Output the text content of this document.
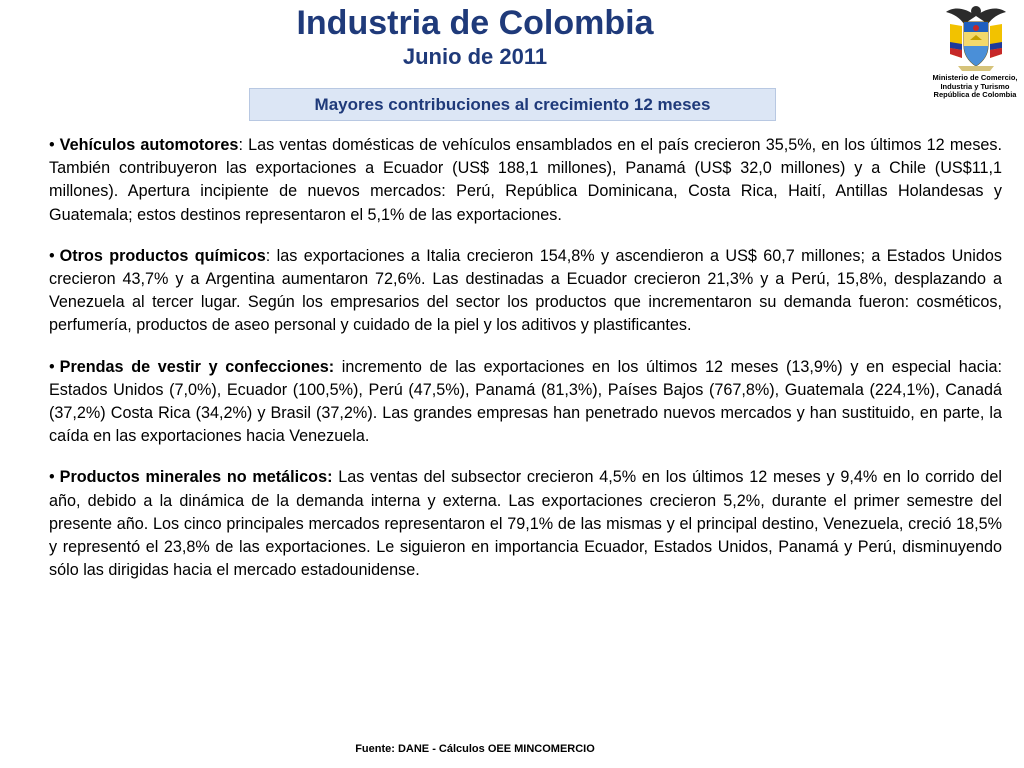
Industria de Colombia
Junio de 2011
Ministerio de Comercio,
Industria y Turismo
República de Colombia
Mayores contribuciones al crecimiento 12 meses

• Vehículos automotores: Las ventas domésticas de vehículos ensamblados en el país crecieron 35,5%, en los últimos 12 meses. También contribuyeron las exportaciones a Ecuador (US$ 188,1 millones), Panamá (US$ 32,0 millones) y a Chile (US$11,1 millones). Apertura incipiente de nuevos mercados: Perú, República Dominicana, Costa Rica, Haití, Antillas Holandesas y Guatemala; estos destinos representaron el 5,1% de las exportaciones.

• Otros productos químicos: las exportaciones a Italia crecieron 154,8% y ascendieron a US$ 60,7 millones; a Estados Unidos crecieron 43,7% y a Argentina aumentaron 72,6%. Las destinadas a Ecuador crecieron 21,3% y a Perú, 15,8%, desplazando a Venezuela al tercer lugar. Según los empresarios del sector los productos que incrementaron su demanda fueron: cosméticos, perfumería, productos de aseo personal y cuidado de la piel y los aditivos y plastificantes.

• Prendas de vestir y confecciones: incremento de las exportaciones en los últimos 12 meses (13,9%) y en especial hacia: Estados Unidos (7,0%), Ecuador (100,5%), Perú (47,5%), Panamá (81,3%), Países Bajos (767,8%), Guatemala (224,1%), Canadá (37,2%) Costa Rica (34,2%) y Brasil (37,2%). Las grandes empresas han penetrado nuevos mercados y han sustituido, en parte, la caída en las exportaciones hacia Venezuela.

• Productos minerales no metálicos: Las ventas del subsector crecieron 4,5% en los últimos 12 meses y 9,4% en lo corrido del año, debido a la dinámica de la demanda interna y externa. Las exportaciones crecieron 5,2%, durante el primer semestre del presente año. Los cinco principales mercados representaron el 79,1% de las mismas y el principal destino, Venezuela, creció 18,5% y representó el 23,8% de las exportaciones. Le siguieron en importancia Ecuador, Estados Unidos, Panamá y Perú, disminuyendo sólo las dirigidas hacia el mercado estadounidense.

Fuente: DANE - Cálculos OEE MINCOMERCIO
